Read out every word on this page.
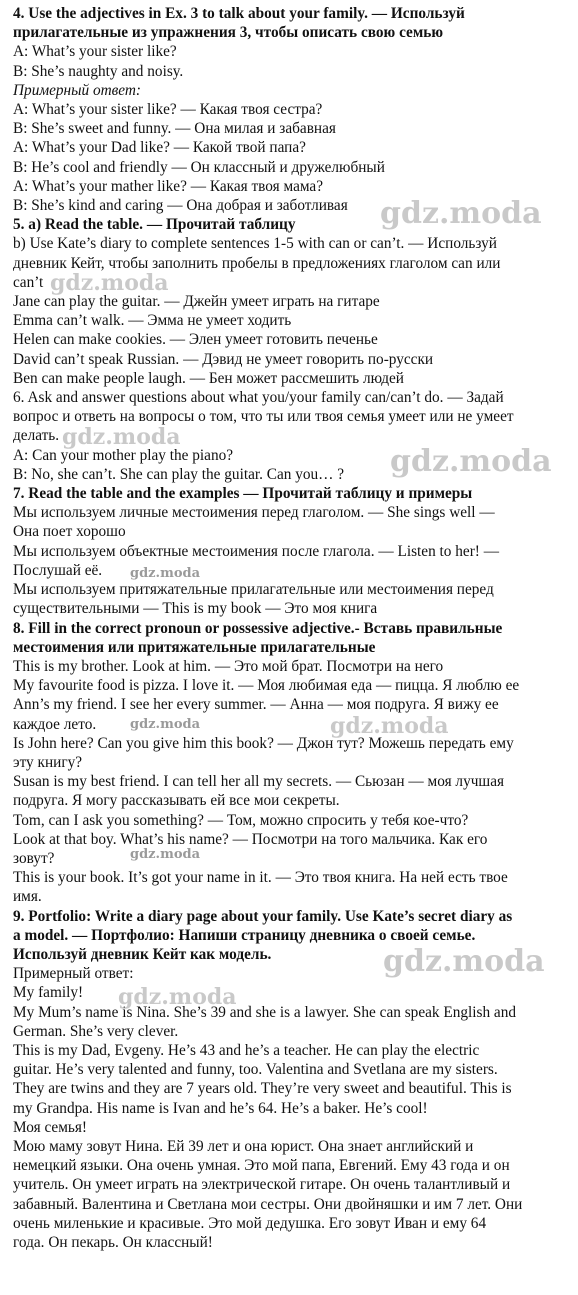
4. Use the adjectives in Ex. 3 to talk about your family. — Используй
прилагательные из упражнения 3, чтобы описать свою семью
A: What’s your sister like?
B: She’s naughty and noisy.
Примерный ответ:
A: What’s your sister like? — Какая твоя сестра?
B: She’s sweet and funny. — Она милая и забавная
A: What’s your Dad like? — Какой твой папа?
B: He’s cool and friendly — Он классный и дружелюбный
A: What’s your mather like? — Какая твоя мама?
B: She’s kind and caring — Она добрая и заботливая
5. a) Read the table. — Прочитай таблицу
b) Use Kate’s diary to complete sentences 1-5 with can or can’t. — Используй
дневник Кейт, чтобы заполнить пробелы в предложениях глаголом can или
can’t
Jane can play the guitar. — Джейн умеет играть на гитаре
Emma can’t walk. — Эмма не умеет ходить
Helen can make cookies. — Элен умеет готовить печенье
David can’t speak Russian. — Дэвид не умеет говорить по-русски
Ben can make people laugh. — Бен может рассмешить людей
6. Ask and answer questions about what you/your family can/can’t do. — Задай
вопрос и ответь на вопросы о том, что ты или твоя семья умеет или не умеет
делать.
A: Can your mother play the piano?
B: No, she can’t. She can play the guitar. Can you… ?
7. Read the table and the examples — Прочитай таблицу и примеры
Мы используем личные местоимения перед глаголом. — She sings well —
Она поет хорошо
Мы используем объектные местоимения после глагола. — Listen to her! —
Послушай её.
Мы используем притяжательные прилагательные или местоимения перед
существительными — This is my book — Это моя книга
8. Fill in the correct pronoun or possessive adjective.- Вставь правильные
местоимения или притяжательные прилагательные
This is my brother. Look at him. — Это мой брат. Посмотри на него
My favourite food is pizza. I love it. — Моя любимая еда — пицца. Я люблю ее
Ann’s my friend. I see her every summer. — Анна — моя подруга. Я вижу ее
каждое лето.
Is John here? Can you give him this book? — Джон тут? Можешь передать ему
эту книгу?
Susan is my best friend. I can tell her all my secrets. — Сьюзан — моя лучшая
подруга. Я могу рассказывать ей все мои секреты.
Tom, can I ask you something? — Том, можно спросить у тебя кое-что?
Look at that boy. What’s his name? — Посмотри на того мальчика. Как его
зовут?
This is your book. It’s got your name in it. — Это твоя книга. На ней есть твое
имя.
9. Portfolio: Write a diary page about your family. Use Kate’s secret diary as
a model. — Портфолио: Напиши страницу дневника о своей семье.
Используй дневник Кейт как модель.
Примерный ответ:
My family!
My Mum’s name is Nina. She’s 39 and she is a lawyer. She can speak English and
German. She’s very clever.
This is my Dad, Evgeny. He’s 43 and he’s a teacher. He can play the electric
guitar. He’s very talented and funny, too. Valentina and Svetlana are my sisters.
They are twins and they are 7 years old. They’re very sweet and beautiful. This is
my Grandpa. His name is Ivan and he’s 64. He’s a baker. He’s cool!
Моя семья!
Мою маму зовут Нина. Ей 39 лет и она юрист. Она знает английский и
немецкий языки. Она очень умная. Это мой папа, Евгений. Ему 43 года и он
учитель. Он умеет играть на электрической гитаре. Он очень талантливый и
забавный. Валентина и Светлана мои сестры. Они двойняшки и им 7 лет. Они
очень миленькие и красивые. Это мой дедушка. Его зовут Иван и ему 64
года. Он пекарь. Он классный!
gdz.moda
gdz.moda
gdz.moda
gdz.moda
gdz.moda
gdz.moda
gdz.moda
gdz.moda
gdz.moda
gdz.moda
